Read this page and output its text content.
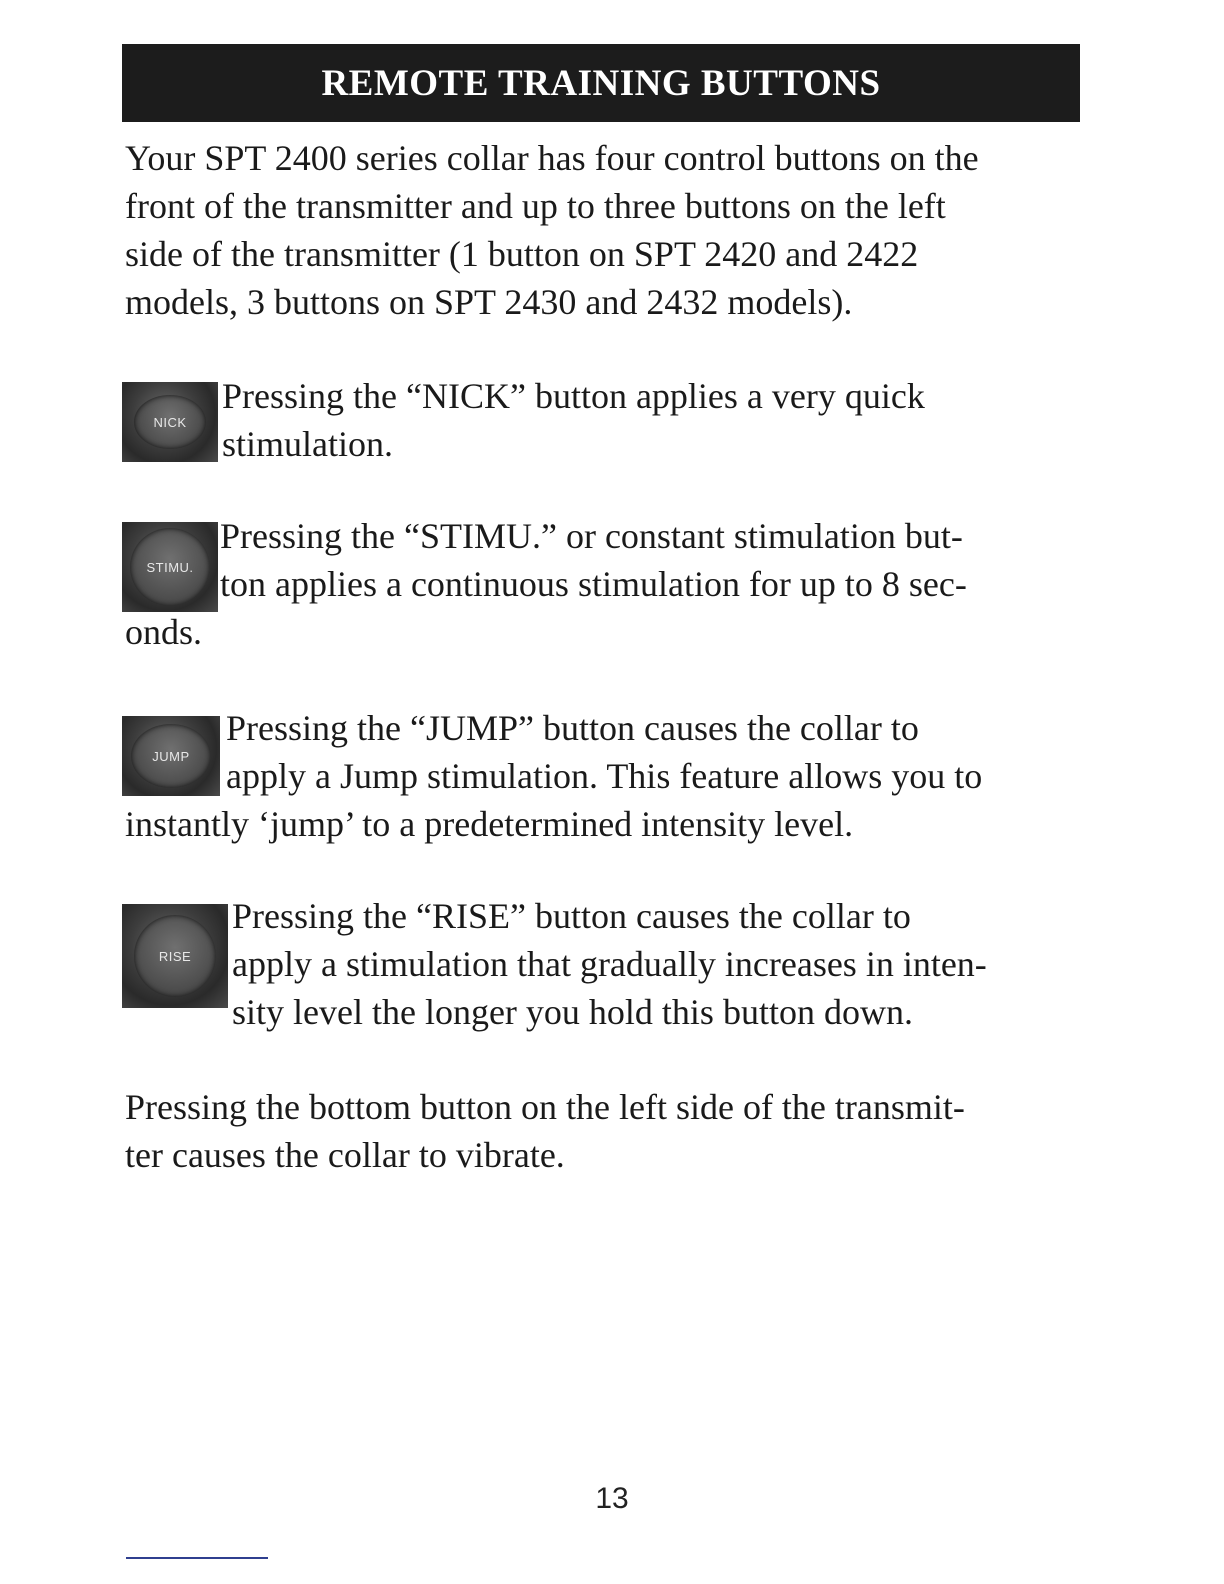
REMOTE TRAINING BUTTONS
Your SPT 2400 series collar has four control buttons on the
front of the transmitter and up to three buttons on the left
side of the transmitter (1 button on SPT 2420 and 2422
models, 3 buttons on SPT 2430 and 2432 models).
NICK
Pressing the “NICK” button applies a very quick
stimulation.
STIMU.
Pressing the “STIMU.” or constant stimulation but-
ton applies a continuous stimulation for up to 8 sec-
onds.
JUMP
Pressing the “JUMP” button causes the collar to
apply a Jump stimulation. This feature allows you to
instantly ‘jump’ to a predetermined intensity level.
RISE
Pressing the “RISE” button causes the collar to
apply a stimulation that gradually increases in inten-
sity level the longer you hold this button down.
Pressing the bottom button on the left side of the transmit-
ter causes the collar to vibrate.
13
